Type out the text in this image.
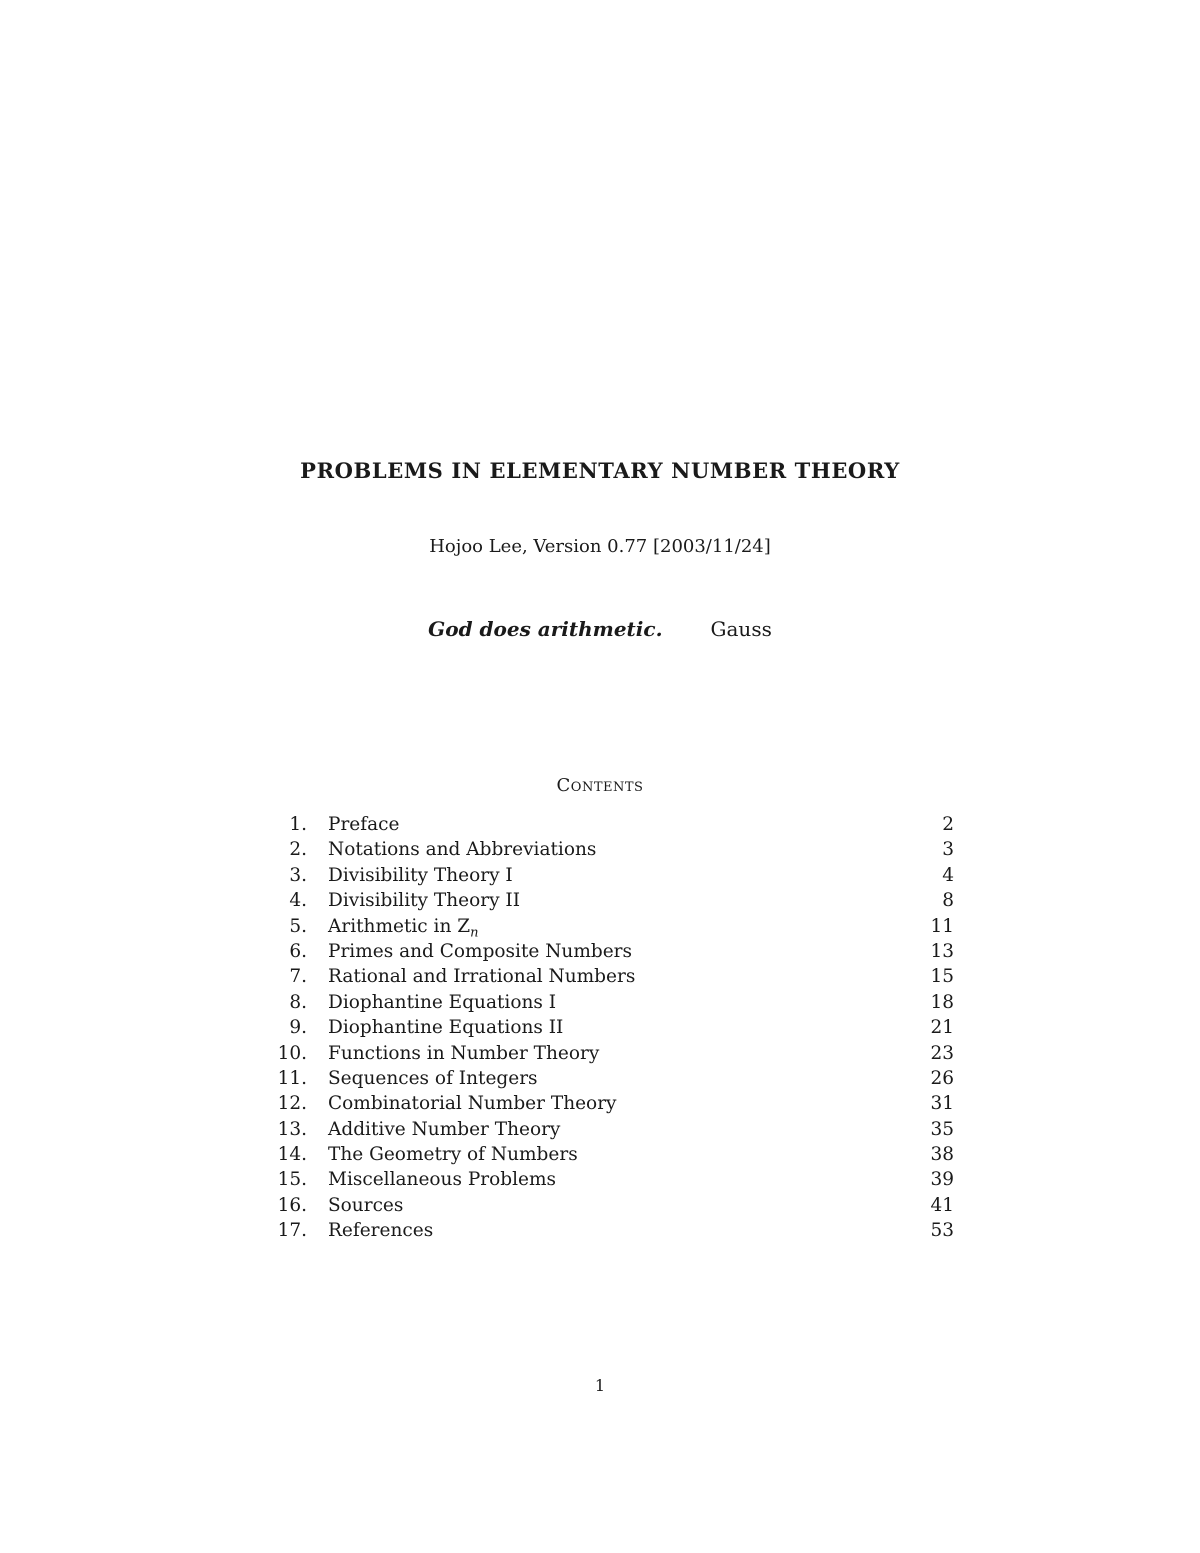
PROBLEMS IN ELEMENTARY NUMBER THEORY
Hojoo Lee, Version 0.77 [2003/11/24]
God does arithmetic. Gauss
Contents
1. Preface	2
2. Notations and Abbreviations	3
3. Divisibility Theory I	4
4. Divisibility Theory II	8
5. Arithmetic in $Z_n$	11
6. Primes and Composite Numbers	13
7. Rational and Irrational Numbers	15
8. Diophantine Equations I	18
9. Diophantine Equations II	21
10. Functions in Number Theory	23
11. Sequences of Integers	26
12. Combinatorial Number Theory	31
13. Additive Number Theory	35
14. The Geometry of Numbers	38
15. Miscellaneous Problems	39
16. Sources	41
17. References	53
1
